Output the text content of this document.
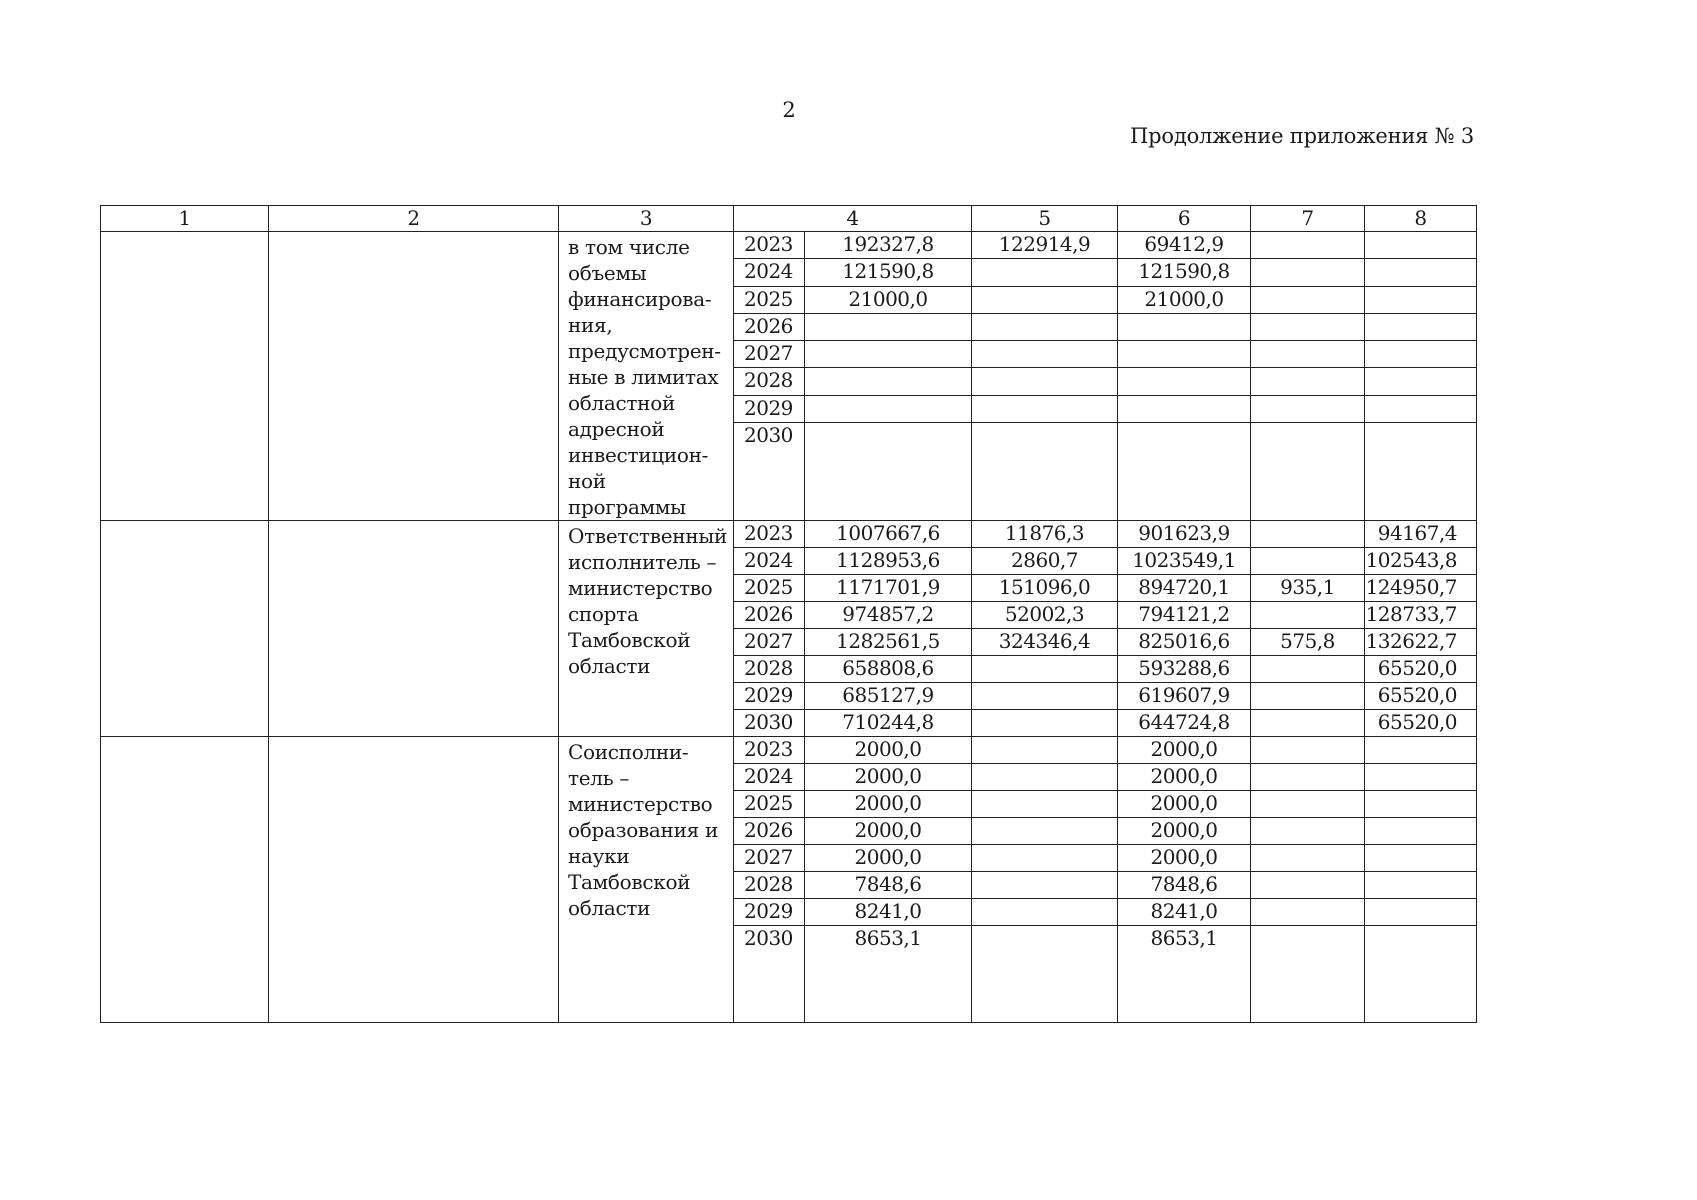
2
Продолжение приложения № 3
1	2	3	4		5	6	7	8
		в том числе объемы финансирова-ния, предусмотрен-ные в лимитах областной адресной инвестицион-ной программы	2023	192327,8	122914,9	69412,9		
			2024	121590,8		121590,8		
			2025	21000,0		21000,0		
			2026					
			2027					
			2028					
			2029					
			2030					
		Ответственный исполнитель – министерство спорта Тамбовской области	2023	1007667,6	11876,3	901623,9		94167,4
			2024	1128953,6	2860,7	1023549,1		102543,8
			2025	1171701,9	151096,0	894720,1	935,1	124950,7
			2026	974857,2	52002,3	794121,2		128733,7
			2027	1282561,5	324346,4	825016,6	575,8	132622,7
			2028	658808,6		593288,6		65520,0
			2029	685127,9		619607,9		65520,0
			2030	710244,8		644724,8		65520,0
		Соисполни-тель – министерство образования и науки Тамбовской области	2023	2000,0		2000,0		
			2024	2000,0		2000,0		
			2025	2000,0		2000,0		
			2026	2000,0		2000,0		
			2027	2000,0		2000,0		
			2028	7848,6		7848,6		
			2029	8241,0		8241,0		
			2030	8653,1		8653,1		
